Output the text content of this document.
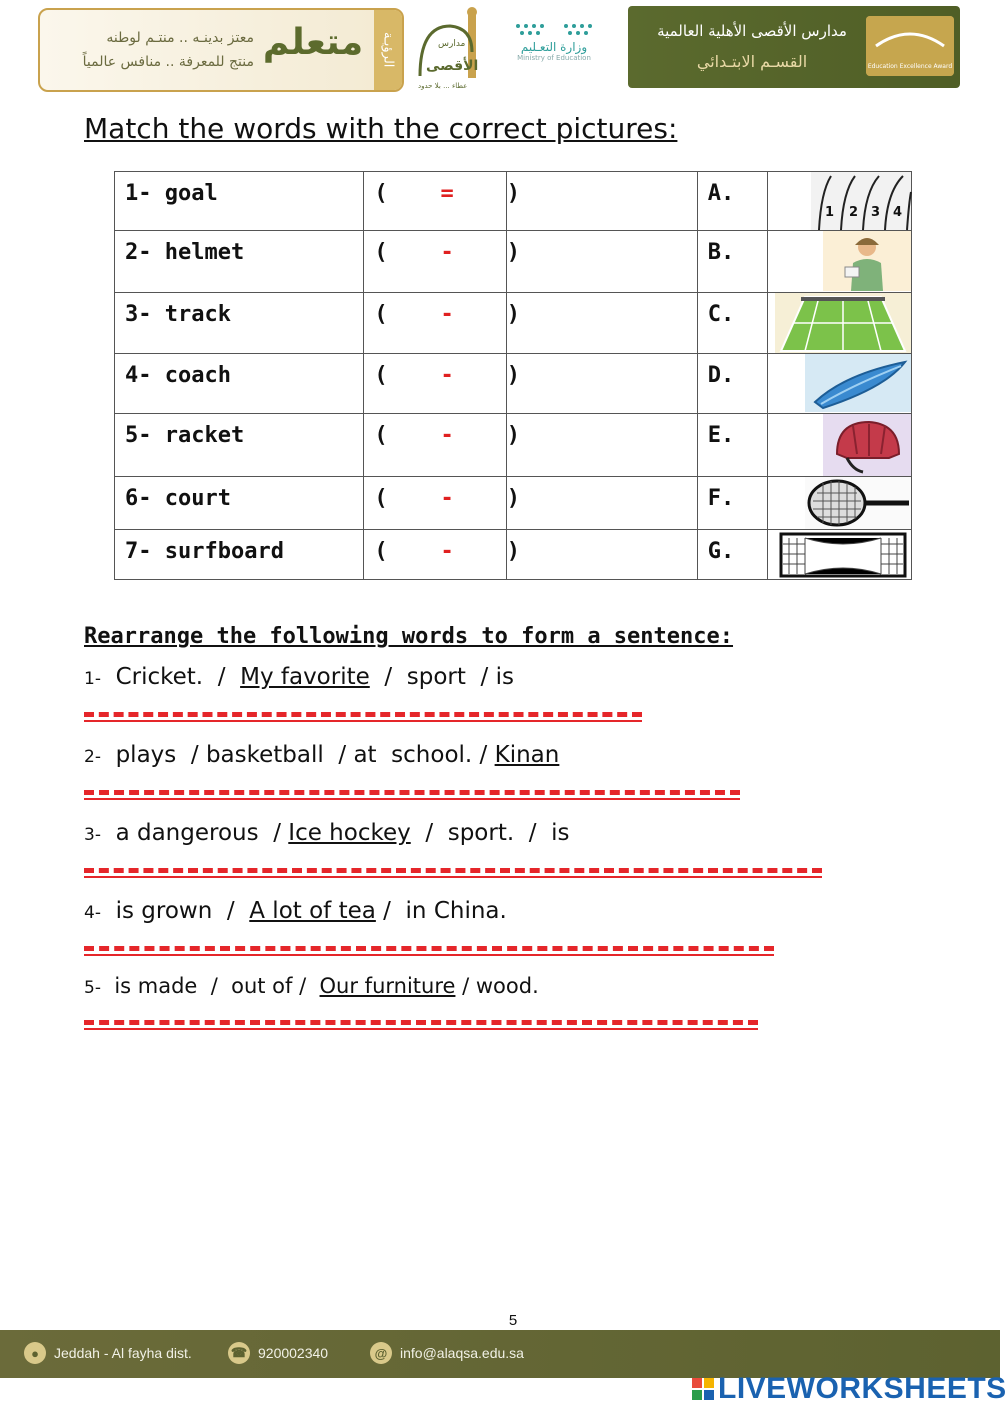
معتز بدينـه .. منتـم لوطنه
منتج للمعرفة .. منافس عالمياً متعلم	الرؤيـة	مدارس
الأقصى
عطاء ... بلا حدود
وزارة التعـليم
Ministry of Education
مدارس الأقصى الأهلية العالمية
القسـم الابتـدائي	Education Excellence Award
Match the words with the correct pictures:
1- goal	( = )		A.	1 2 3 4

2- helmet	( - )		B.	

3- track	( - )		C.	

4- coach	( - )		D.	

5- racket	( - )		E.	

6- court	( - )		F.	

7- surfboard	( - )		G.	
Rearrange the following words to form a sentence:
1- Cricket.  /  My favorite  /  sport  / is
2- plays  / basketball  / at  school. / Kinan
3- a dangerous  / Ice hockey  /  sport.  /  is
4- is grown  /  A lot of tea /  in China.
5- is made  /  out of /  Our furniture / wood.
5
●	Jeddah - Al fayha dist.	☎ 920002340	@ info@alaqsa.edu.sa
LIVEWORKSHEETS
